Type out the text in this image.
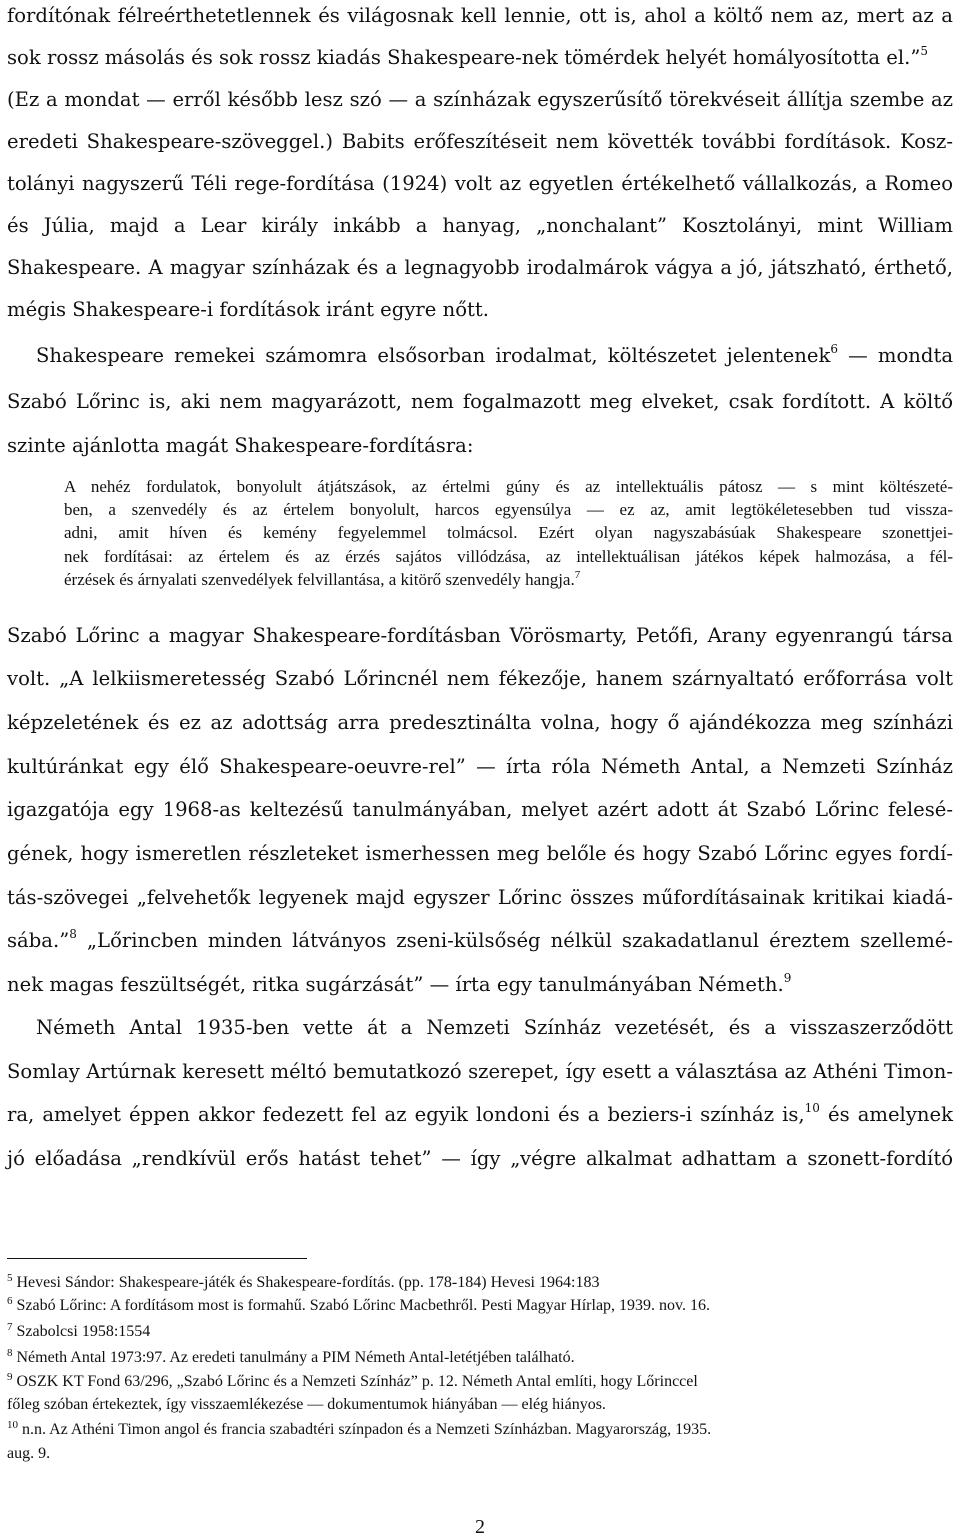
fordítónak félreérthetetlennek és világosnak kell lennie, ott is, ahol a költő nem az, mert az a
sok rossz másolás és sok rossz kiadás Shakespeare-nek tömérdek helyét homályosította el.”$^5$
(Ez a mondat — erről később lesz szó — a színházak egyszerűsítő törekvéseit állítja szembe az
eredeti Shakespeare-szöveggel.) Babits erőfeszítéseit nem követték további fordítások. Kosz-
tolányi nagyszerű Téli rege-fordítása (1924) volt az egyetlen értékelhető vállalkozás, a Romeo
és Júlia, majd a Lear király inkább a hanyag, „nonchalant” Kosztolányi, mint William
Shakespeare. A magyar színházak és a legnagyobb irodalmárok vágya a jó, játszható, érthető,
mégis Shakespeare-i fordítások iránt egyre nőtt.
Shakespeare remekei számomra elsősorban irodalmat, költészetet jelentenek$^6$ — mondta
Szabó Lőrinc is, aki nem magyarázott, nem fogalmazott meg elveket, csak fordított. A költő
szinte ajánlotta magát Shakespeare-fordításra:
A nehéz fordulatok, bonyolult átjátszások, az értelmi gúny és az intellektuális pátosz — s mint költészeté-
ben, a szenvedély és az értelem bonyolult, harcos egyensúlya — ez az, amit legtökéletesebben tud vissza-
adni, amit híven és kemény fegyelemmel tolmácsol. Ezért olyan nagyszabásúak Shakespeare szonettjei-
nek fordításai: az értelem és az érzés sajátos villódzása, az intellektuálisan játékos képek halmozása, a fél-
érzések és árnyalati szenvedélyek felvillantása, a kitörő szenvedély hangja.$^7$
Szabó Lőrinc a magyar Shakespeare-fordításban Vörösmarty, Petőfi, Arany egyenrangú társa
volt. „A lelkiismeretesség Szabó Lőrincnél nem fékezője, hanem szárnyaltató erőforrása volt
képzeletének és ez az adottság arra predesztinálta volna, hogy ő ajándékozza meg színházi
kultúránkat egy élő Shakespeare-oeuvre-rel” — írta róla Németh Antal, a Nemzeti Színház
igazgatója egy 1968-as keltezésű tanulmányában, melyet azért adott át Szabó Lőrinc felesé-
gének, hogy ismeretlen részleteket ismerhessen meg belőle és hogy Szabó Lőrinc egyes fordí-
tás-szövegei „felvehetők legyenek majd egyszer Lőrinc összes műfordításainak kritikai kiadá-
sába.”$^8$ „Lőrincben minden látványos zseni-külsőség nélkül szakadatlanul éreztem szellemé-
nek magas feszültségét, ritka sugárzását” — írta egy tanulmányában Németh.$^9$
Németh Antal 1935-ben vette át a Nemzeti Színház vezetését, és a visszaszerződött
Somlay Artúrnak keresett méltó bemutatkozó szerepet, így esett a választása az Athéni Timon-
ra, amelyet éppen akkor fedezett fel az egyik londoni és a beziers-i színház is,$^{10}$ és amelynek
jó előadása „rendkívül erős hatást tehet” — így „végre alkalmat adhattam a szonett-fordító
$^5$ Hevesi Sándor: Shakespeare-játék és Shakespeare-fordítás. (pp. 178-184) Hevesi 1964:183
$^6$ Szabó Lőrinc: A fordításom most is formahű. Szabó Lőrinc Macbethről. Pesti Magyar Hírlap, 1939. nov. 16.
$^7$ Szabolcsi 1958:1554
$^8$ Németh Antal 1973:97. Az eredeti tanulmány a PIM Németh Antal-letétjében található.
$^9$ OSZK KT Fond 63/296, „Szabó Lőrinc és a Nemzeti Színház” p. 12. Németh Antal említi, hogy Lőrinccel
főleg szóban értekeztek, így visszaemlékezése — dokumentumok hiányában — elég hiányos.
$^{10}$ n.n. Az Athéni Timon angol és francia szabadtéri színpadon és a Nemzeti Színházban. Magyarország, 1935.
aug. 9.
2
